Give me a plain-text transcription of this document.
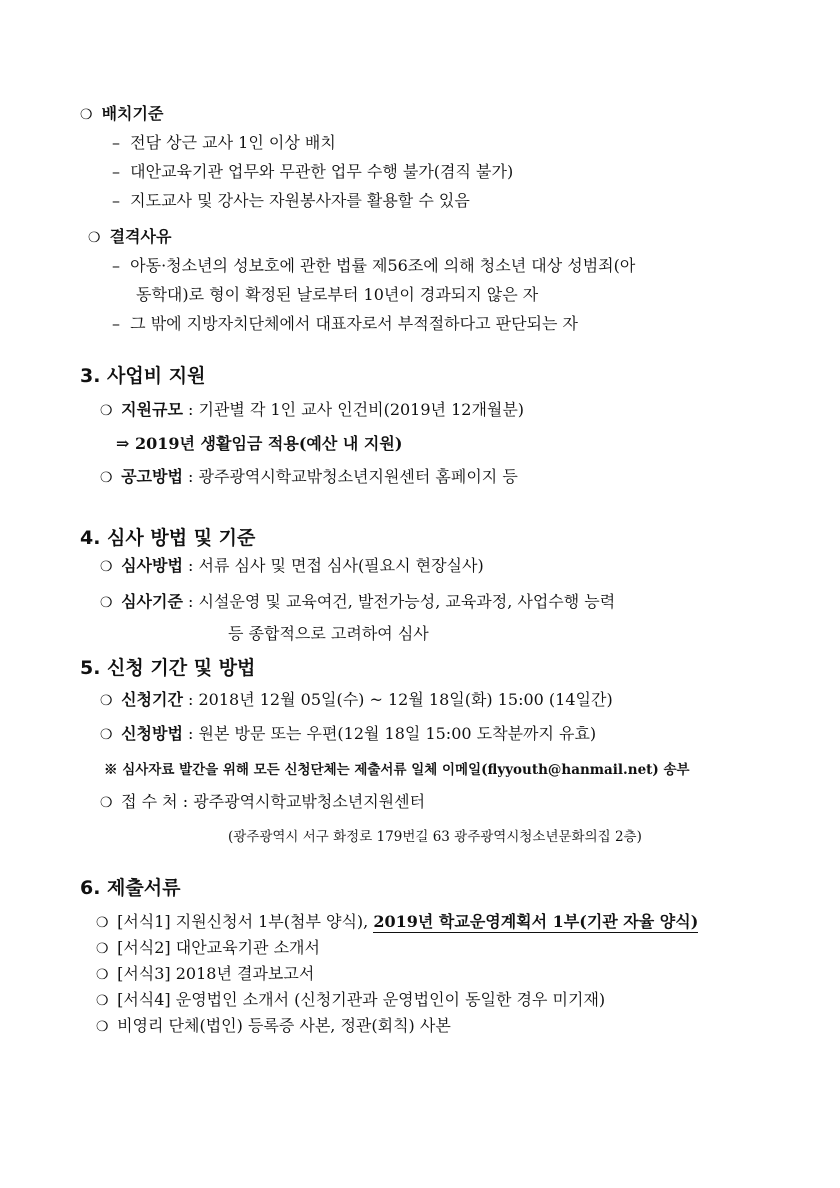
❍ 배치기준
– 전담 상근 교사 1인 이상 배치
– 대안교육기관 업무와 무관한 업무 수행 불가(겸직 불가)
– 지도교사 및 강사는 자원봉사자를 활용할 수 있음
❍ 결격사유
– 아동·청소년의 성보호에 관한 법률 제56조에 의해 청소년 대상 성범죄(아
동학대)로 형이 확정된 날로부터 10년이 경과되지 않은 자
– 그 밖에 지방자치단체에서 대표자로서 부적절하다고 판단되는 자
3. 사업비 지원
❍ 지원규모 : 기관별 각 1인 교사 인건비(2019년 12개월분)
⇒ 2019년 생활임금 적용(예산 내 지원)
❍ 공고방법 : 광주광역시학교밖청소년지원센터 홈페이지 등
4. 심사 방법 및 기준
❍ 심사방법 : 서류 심사 및 면접 심사(필요시 현장실사)
❍ 심사기준 : 시설운영 및 교육여건, 발전가능성, 교육과정, 사업수행 능력
등 종합적으로 고려하여 심사
5. 신청 기간 및 방법
❍ 신청기간 : 2018년 12월 05일(수) ~ 12월 18일(화) 15:00 (14일간)
❍ 신청방법 : 원본 방문 또는 우편(12월 18일 15:00 도착분까지 유효)
※ 심사자료 발간을 위해 모든 신청단체는 제출서류 일체 이메일(flyyouth@hanmail.net) 송부
❍ 접 수 처 : 광주광역시학교밖청소년지원센터
(광주광역시 서구 화정로 179번길 63 광주광역시청소년문화의집 2층)
6. 제출서류
❍ [서식1] 지원신청서 1부(첨부 양식), 2019년 학교운영계획서 1부(기관 자율 양식)
❍ [서식2] 대안교육기관 소개서
❍ [서식3] 2018년 결과보고서
❍ [서식4] 운영법인 소개서 (신청기관과 운영법인이 동일한 경우 미기재)
❍ 비영리 단체(법인) 등록증 사본, 정관(회칙) 사본
